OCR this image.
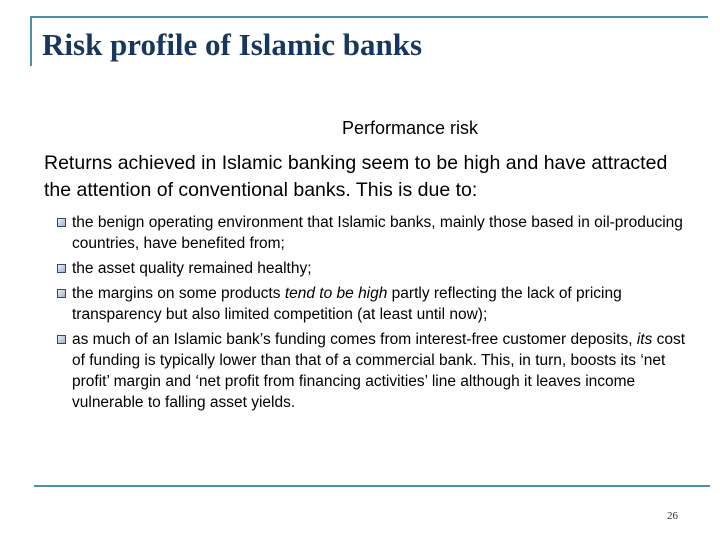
Risk profile of Islamic banks

Performance risk

Returns achieved in Islamic banking seem to be high and have attracted the attention of conventional banks. This is due to:

the benign operating environment that Islamic banks, mainly those based in oil-producing countries, have benefited from;
the asset quality remained healthy;
the margins on some products tend to be high partly reflecting the lack of pricing transparency but also limited competition (at least until now);
as much of an Islamic bank’s funding comes from interest-free customer deposits, its cost of funding is typically lower than that of a commercial bank. This, in turn, boosts its ‘net profit’ margin and ‘net profit from financing activities’ line although it leaves income vulnerable to falling asset yields.

26
